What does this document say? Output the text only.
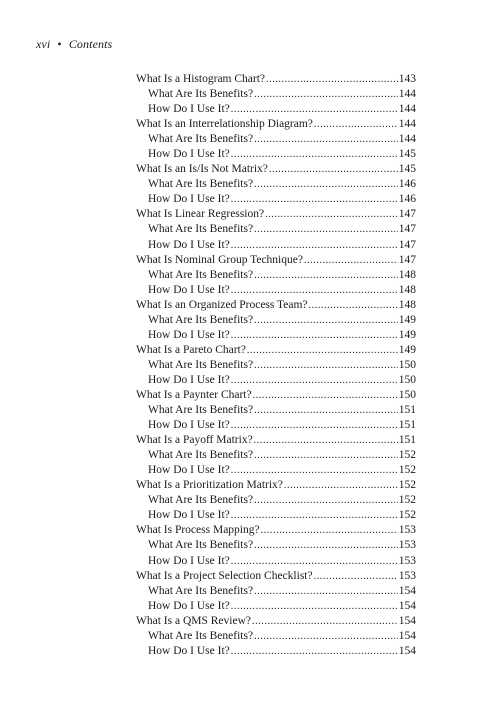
xvi • Contents
What Is a Histogram Chart? .....	143
What Are Its Benefits? .....	144
How Do I Use It? .....	144
What Is an Interrelationship Diagram? .....	144
What Are Its Benefits? .....	144
How Do I Use It? .....	145
What Is an Is/Is Not Matrix? .....	145
What Are Its Benefits? .....	146
How Do I Use It? .....	146
What Is Linear Regression? .....	147
What Are Its Benefits? .....	147
How Do I Use It? .....	147
What Is Nominal Group Technique? .....	147
What Are Its Benefits? .....	148
How Do I Use It? .....	148
What Is an Organized Process Team? .....	148
What Are Its Benefits? .....	149
How Do I Use It? .....	149
What Is a Pareto Chart? .....	149
What Are Its Benefits? .....	150
How Do I Use It? .....	150
What Is a Paynter Chart? .....	150
What Are Its Benefits? .....	151
How Do I Use It? .....	151
What Is a Payoff Matrix? .....	151
What Are Its Benefits? .....	152
How Do I Use It? .....	152
What Is a Prioritization Matrix? .....	152
What Are Its Benefits? .....	152
How Do I Use It? .....	152
What Is Process Mapping? .....	153
What Are Its Benefits? .....	153
How Do I Use It? .....	153
What Is a Project Selection Checklist? .....	153
What Are Its Benefits? .....	154
How Do I Use It? .....	154
What Is a QMS Review? .....	154
What Are Its Benefits? .....	154
How Do I Use It? .....	154
